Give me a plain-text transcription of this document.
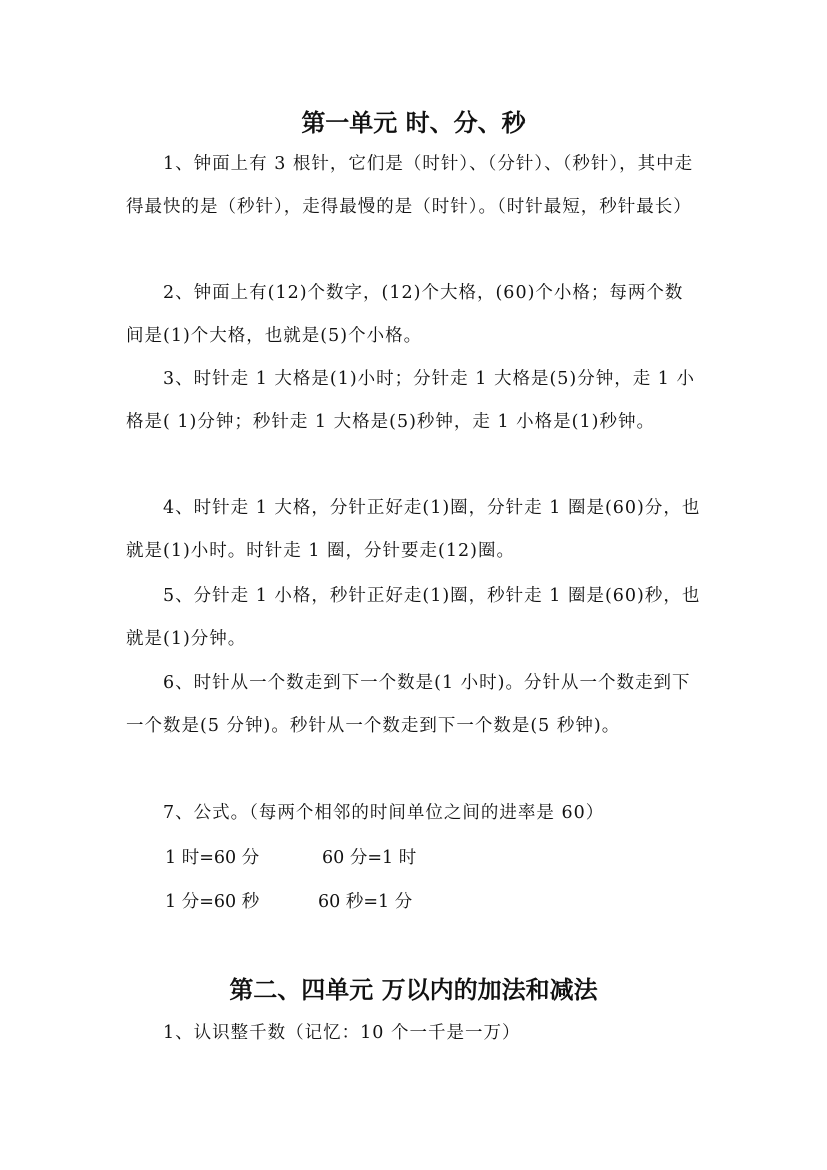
第一单元 时、分、秒

1、钟面上有 3 根针，它们是（时针）、（分针）、（秒针），其中走得最快的是（秒针），走得最慢的是（时针）。（时针最短，秒针最长）

2、钟面上有(12)个数字，(12)个大格，(60)个小格；每两个数间是(1)个大格，也就是(5)个小格。

3、时针走 1 大格是(1)小时；分针走 1 大格是(5)分钟，走 1 小格是( 1)分钟；秒针走 1 大格是(5)秒钟，走 1 小格是(1)秒钟。

4、时针走 1 大格，分针正好走(1)圈，分针走 1 圈是(60)分，也就是(1)小时。时针走 1 圈，分针要走(12)圈。

5、分针走 1 小格，秒针正好走(1)圈，秒针走 1 圈是(60)秒，也就是(1)分钟。

6、时针从一个数走到下一个数是(1 小时)。分针从一个数走到下一个数是(5 分钟)。秒针从一个数走到下一个数是(5 秒钟)。

7、公式。（每两个相邻的时间单位之间的进率是 60）

1 时=60 分	60 分=1 时

1 分=60 秒	60 秒=1 分

第二、四单元 万以内的加法和减法

1、认识整千数（记忆：10 个一千是一万）
